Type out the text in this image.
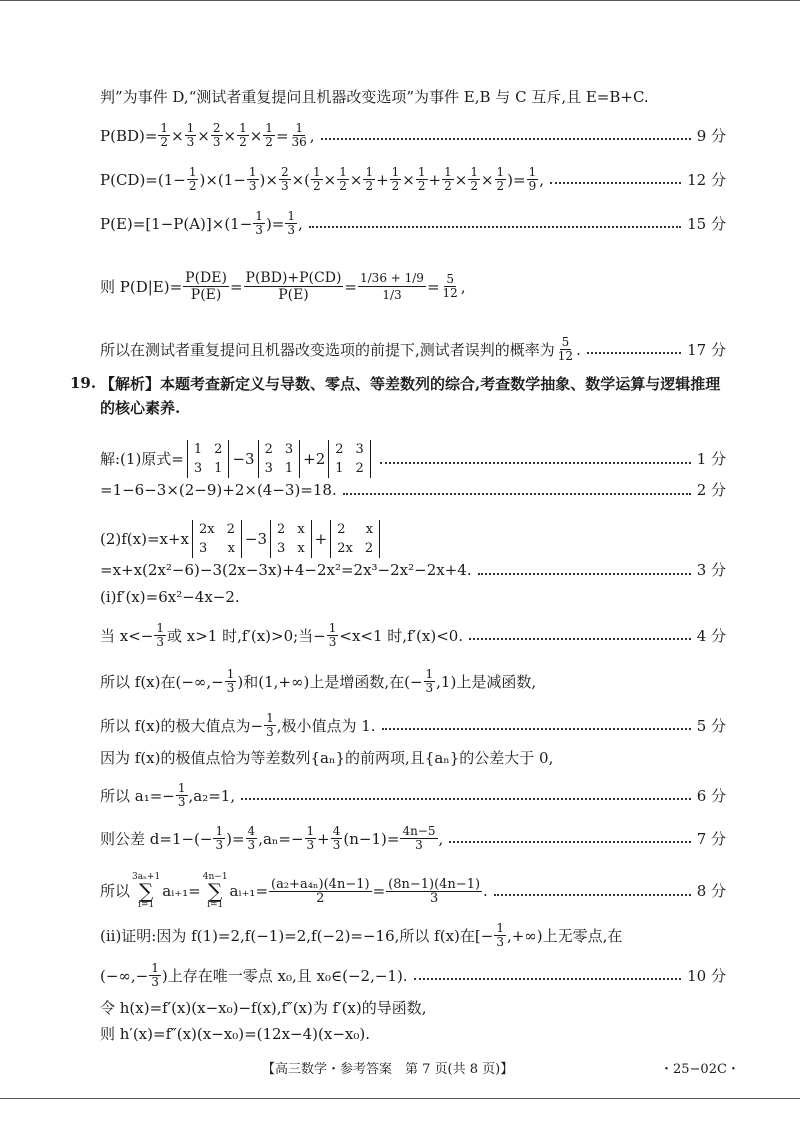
判”为事件 D,“测试者重复提问且机器改变选项”为事件 E,B 与 C 互斥,且 E=B+C.
$P(BD)= \frac{1}{2} \times \frac{1}{3} \times \frac{2}{3} \times \frac{1}{2} \times \frac{1}{2} = \frac{1}{36}$ ,	9 分
$P(CD)=(1- \frac{1}{2} )\times(1- \frac{1}{3}$ )× $\frac{2}{3}$ ×( $\frac{1}{2} \times \frac{1}{2} \times \frac{1}{2} + \frac{1}{2} \times \frac{1}{2} + \frac{1}{2} \times \frac{1}{2} \times \frac{1}{2}$ )= $\frac{1}{9}$ ,	12 分
$P(E)=[1-P(A)]\times(1- \frac{1}{3}$ )= $\frac{1}{3}$ ,	15 分
则 $P(D|E)= \frac{P(DE)}{P(E)} = \frac{P(BD)+P(CD)}{P(E)} = \frac{1/36 + 1/9}{1/3} = \frac{5}{12}$ ,
所以在测试者重复提问且机器改变选项的前提下,测试者误判的概率为 $\frac{5}{12}$ .	17 分
19. 【解析】本题考查新定义与导数、零点、等差数列的综合,考查数学抽象、数学运算与逻辑推理
的核心素养.
解:(1)原式=
1 2
3 1
−3
2 3
3 1
+2
2 3
1 2
1 分
=1−6−3×(2−9)+2×(4−3)=18.	2 分
(2)f(x)=x+x
2x 2
3 x
−3
2 x
3 x
+
2 x
2x 2
=x+x(2x²−6)−3(2x−3x)+4−2x²=2x³−2x²−2x+4.	3 分
(i)f′(x)=6x²−4x−2.
当 $x<- \frac{1}{3}$ 或 x>1 时,f′(x)>0;当− $\frac{1}{3} <x<1$ 时,f′(x)<0.	4 分
所以 f(x)在(−∞,− $\frac{1}{3}$ )和(1,+∞)上是增函数,在(− $\frac{1}{3} ,1$)上是减函数,
所以 f(x)的极大值点为− $\frac{1}{3}$ ,极小值点为 1.	5 分
因为 f(x)的极值点恰为等差数列{aₙ}的前两项,且{aₙ}的公差大于 0,
所以 $a_1=- \frac{1}{3} ,a_2=1$,	6 分
则公差 $d=1-(- \frac{1}{3}$ )= $\frac{4}{3} ,a_n=- \frac{1}{3} + \frac{4}{3} (n-1)= \frac{4n-5}{3}$ ,	7 分
所以
3aₙ+1
∑
i=1
aᵢ₊₁=
4n−1
∑
i=1
aᵢ₊₁= $\frac{\text{(a₂+a₄ₙ)(4n−1)}}{2} = \frac{(8n-1)(4n-1)}{3}$ .	8 分
(ii)证明:因为 f(1)=2,f(−1)=2,f(−2)=−16,所以 f(x)在[− $\frac{1}{3}$ ,+∞)上无零点,在
(−∞,− $\frac{1}{3}$ )上存在唯一零点 x₀,且 x₀∈(−2,−1).	10 分
令 h(x)=f′(x)(x−x₀)−f(x),f″(x)为 f′(x)的导函数,
则 h′(x)=f″(x)(x−x₀)=(12x−4)(x−x₀).
【高三数学・参考答案　第 7 页(共 8 页)】	・25−02C・
